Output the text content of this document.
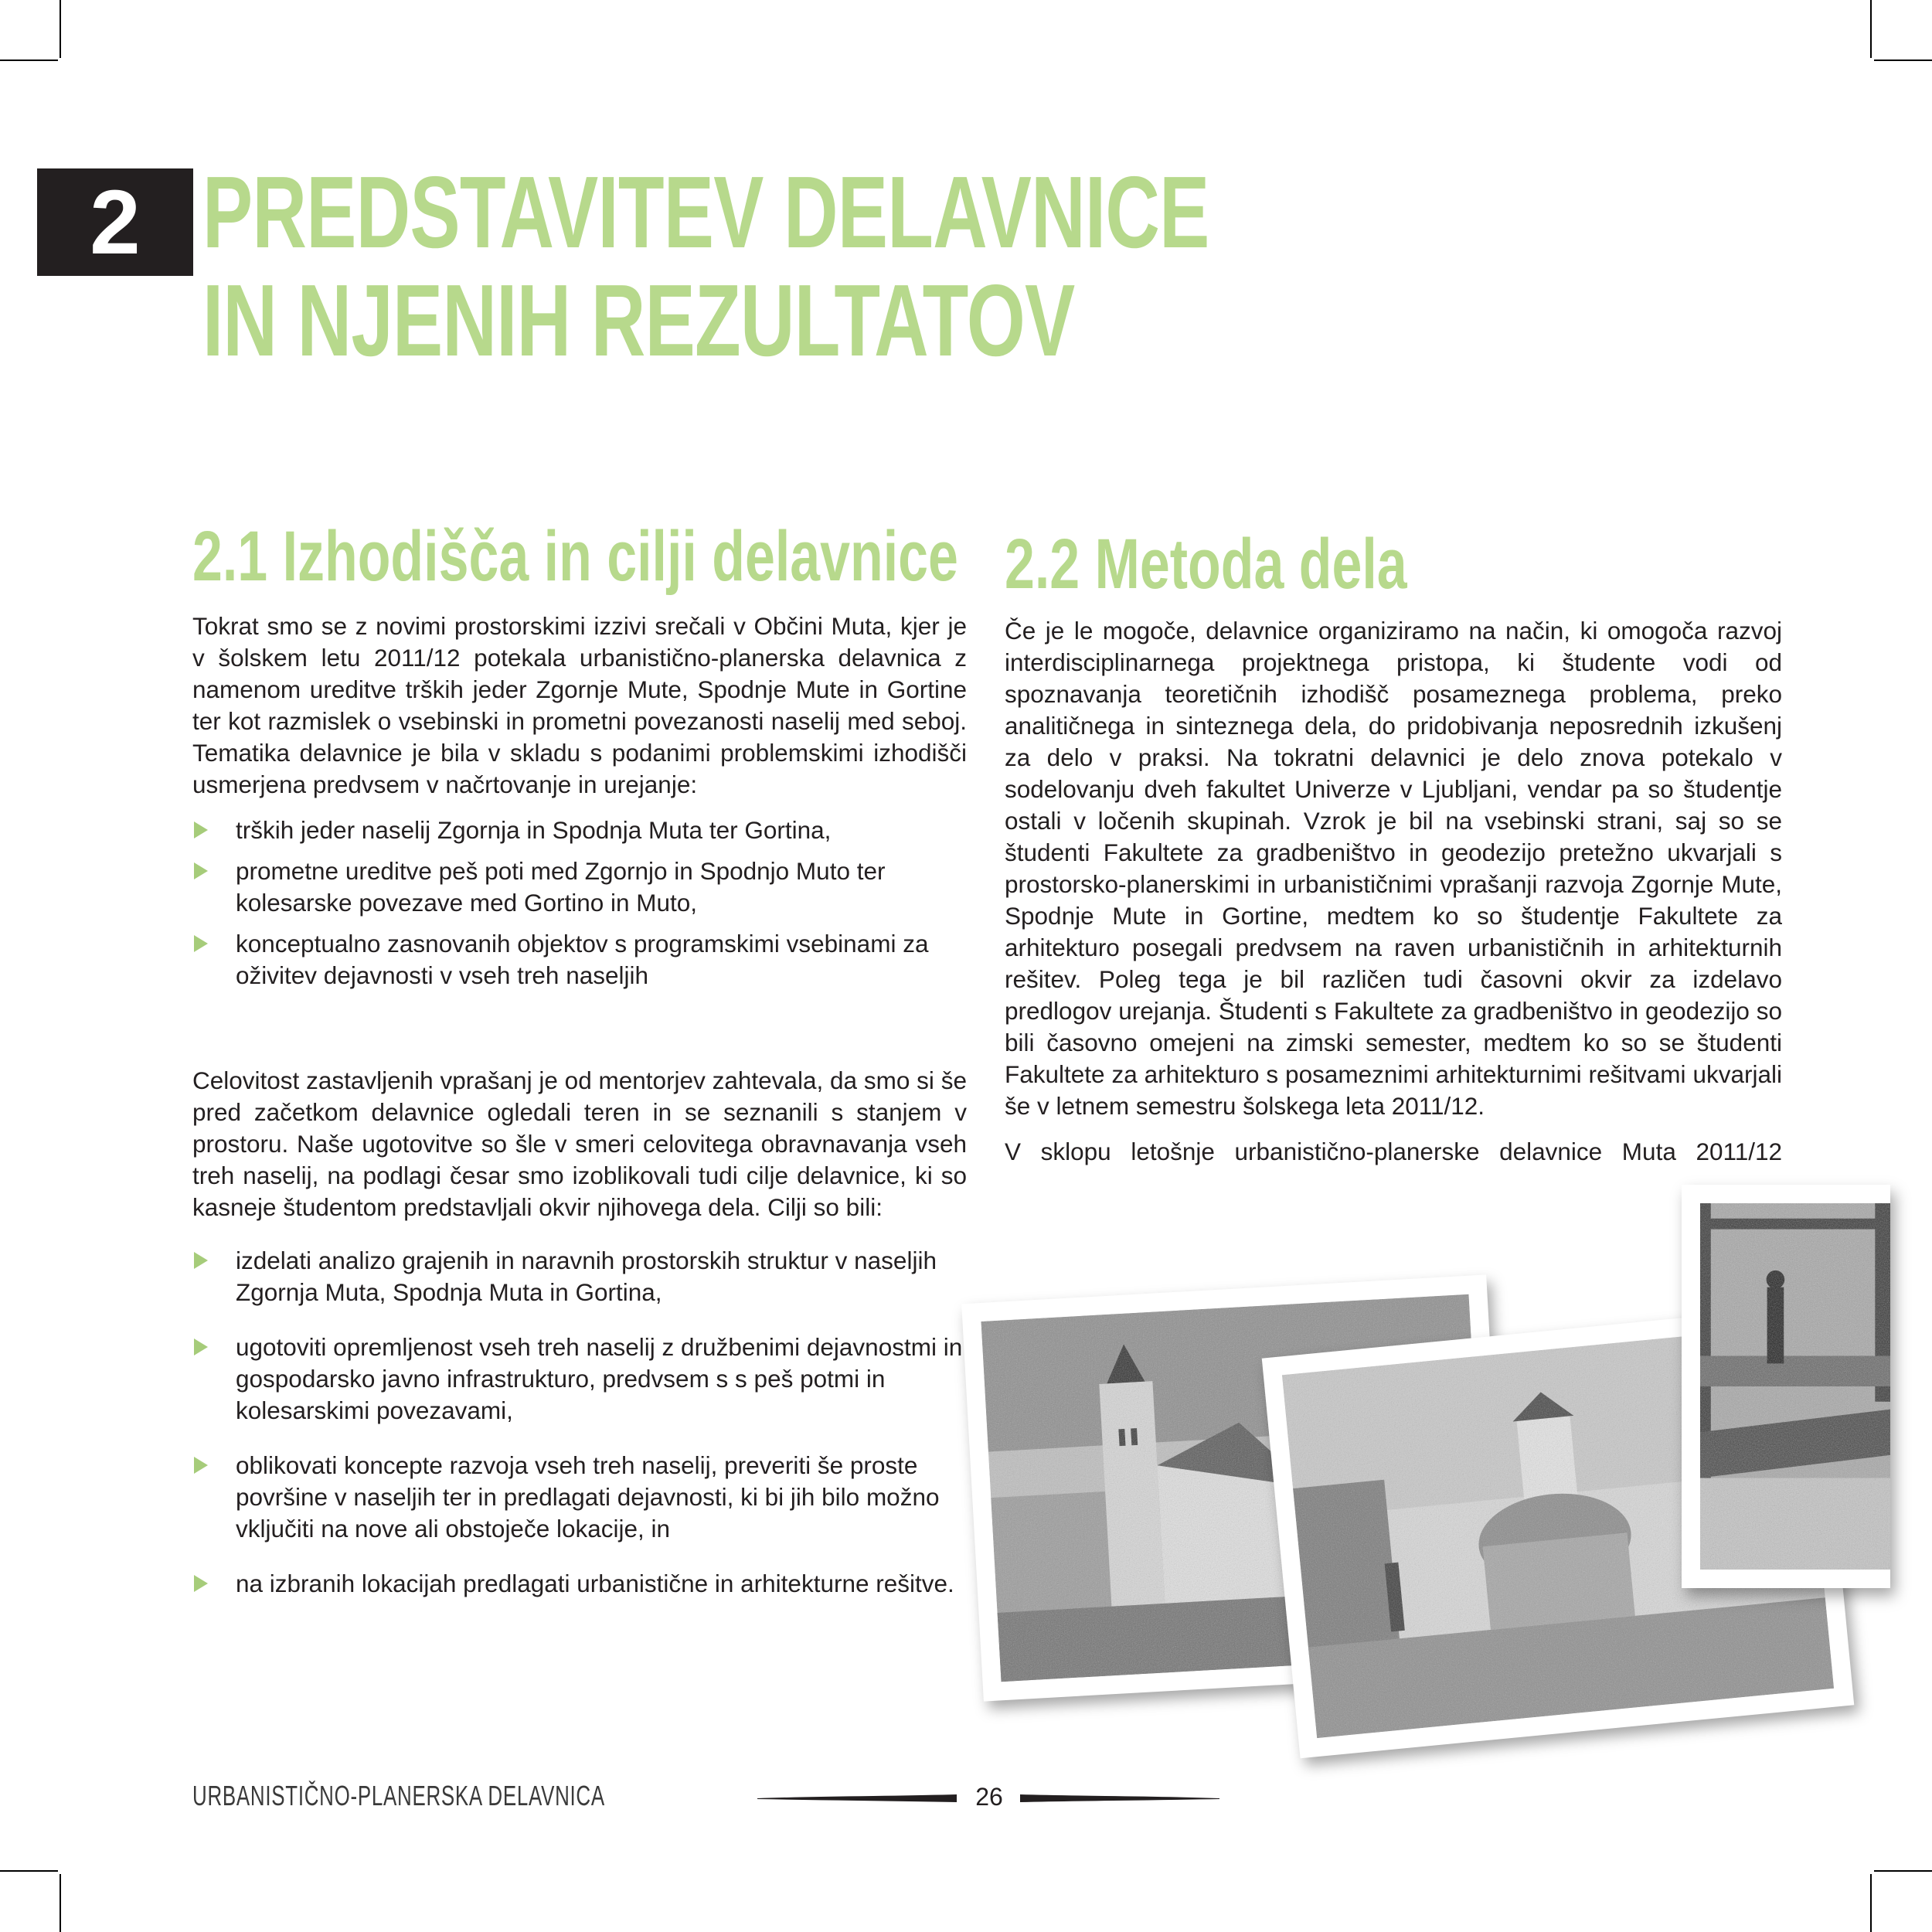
2 PREDSTAVITEV DELAVNICE
IN NJENIH REZULTATOV
2.1 Izhodišča in cilji delavnice

Tokrat smo se z novimi prostorskimi izzivi srečali v Občini Muta, kjer je v šolskem letu 2011/12 potekala urbanistično-planerska delavnica z namenom ureditve trških jeder Zgornje Mute, Spodnje Mute in Gortine ter kot razmislek o vsebinski in prometni povezanosti naselij med seboj. Tematika delavnice je bila v skladu s podanimi problemskimi izhodišči usmerjena predvsem v načrtovanje in urejanje:

trških jeder naselij Zgornja in Spodnja Muta ter Gortina,
prometne ureditve peš poti med Zgornjo in Spodnjo Muto ter kolesarske povezave med Gortino in Muto,
konceptualno zasnovanih objektov s programskimi vsebinami za oživitev dejavnosti v vseh treh naseljih

Celovitost zastavljenih vprašanj je od mentorjev zahtevala, da smo si še pred začetkom delavnice ogledali teren in se seznanili s stanjem v prostoru. Naše ugotovitve so šle v smeri celovitega obravnavanja vseh treh naselij, na podlagi česar smo izoblikovali tudi cilje delavnice, ki so kasneje študentom predstavljali okvir njihovega dela. Cilji so bili:

izdelati analizo grajenih in naravnih prostorskih struktur v naseljih Zgornja Muta, Spodnja Muta in Gortina,
ugotoviti opremljenost vseh treh naselij z družbenimi dejavnostmi in gospodarsko javno infrastrukturo, predvsem s s peš potmi in kolesarskimi povezavami,
oblikovati koncepte razvoja vseh treh naselij, preveriti še proste površine v naseljih ter in predlagati dejavnosti, ki bi jih bilo možno vključiti na nove ali obstoječe lokacije, in
na izbranih lokacijah predlagati urbanistične in arhitekturne rešitve.
2.2 Metoda dela

Če je le mogoče, delavnice organiziramo na način, ki omogoča razvoj interdisciplinarnega projektnega pristopa, ki študente vodi od spoznavanja teoretičnih izhodišč posameznega problema, preko analitičnega in sinteznega dela, do pridobivanja neposrednih izkušenj za delo v praksi. Na tokratni delavnici je delo znova potekalo v sodelovanju dveh fakultet Univerze v Ljubljani, vendar pa so študentje ostali v ločenih skupinah. Vzrok je bil na vsebinski strani, saj so se študenti Fakultete za gradbeništvo in geodezijo pretežno ukvarjali s prostorsko-planerskimi in urbanističnimi vprašanji razvoja Zgornje Mute, Spodnje Mute in Gortine, medtem ko so študentje Fakultete za arhitekturo posegali predvsem na raven urbanističnih in arhitekturnih rešitev. Poleg tega je bil različen tudi časovni okvir za izdelavo predlogov urejanja. Študenti s Fakultete za gradbeništvo in geodezijo so bili časovno omejeni na zimski semester, medtem ko so se študenti Fakultete za arhitekturo s posameznimi arhitekturnimi rešitvami ukvarjali še v letnem semestru šolskega leta 2011/12.

V sklopu letošnje urbanistično-planerske delavnice Muta 2011/12

URBANISTIČNO-PLANERSKA DELAVNICA	26
